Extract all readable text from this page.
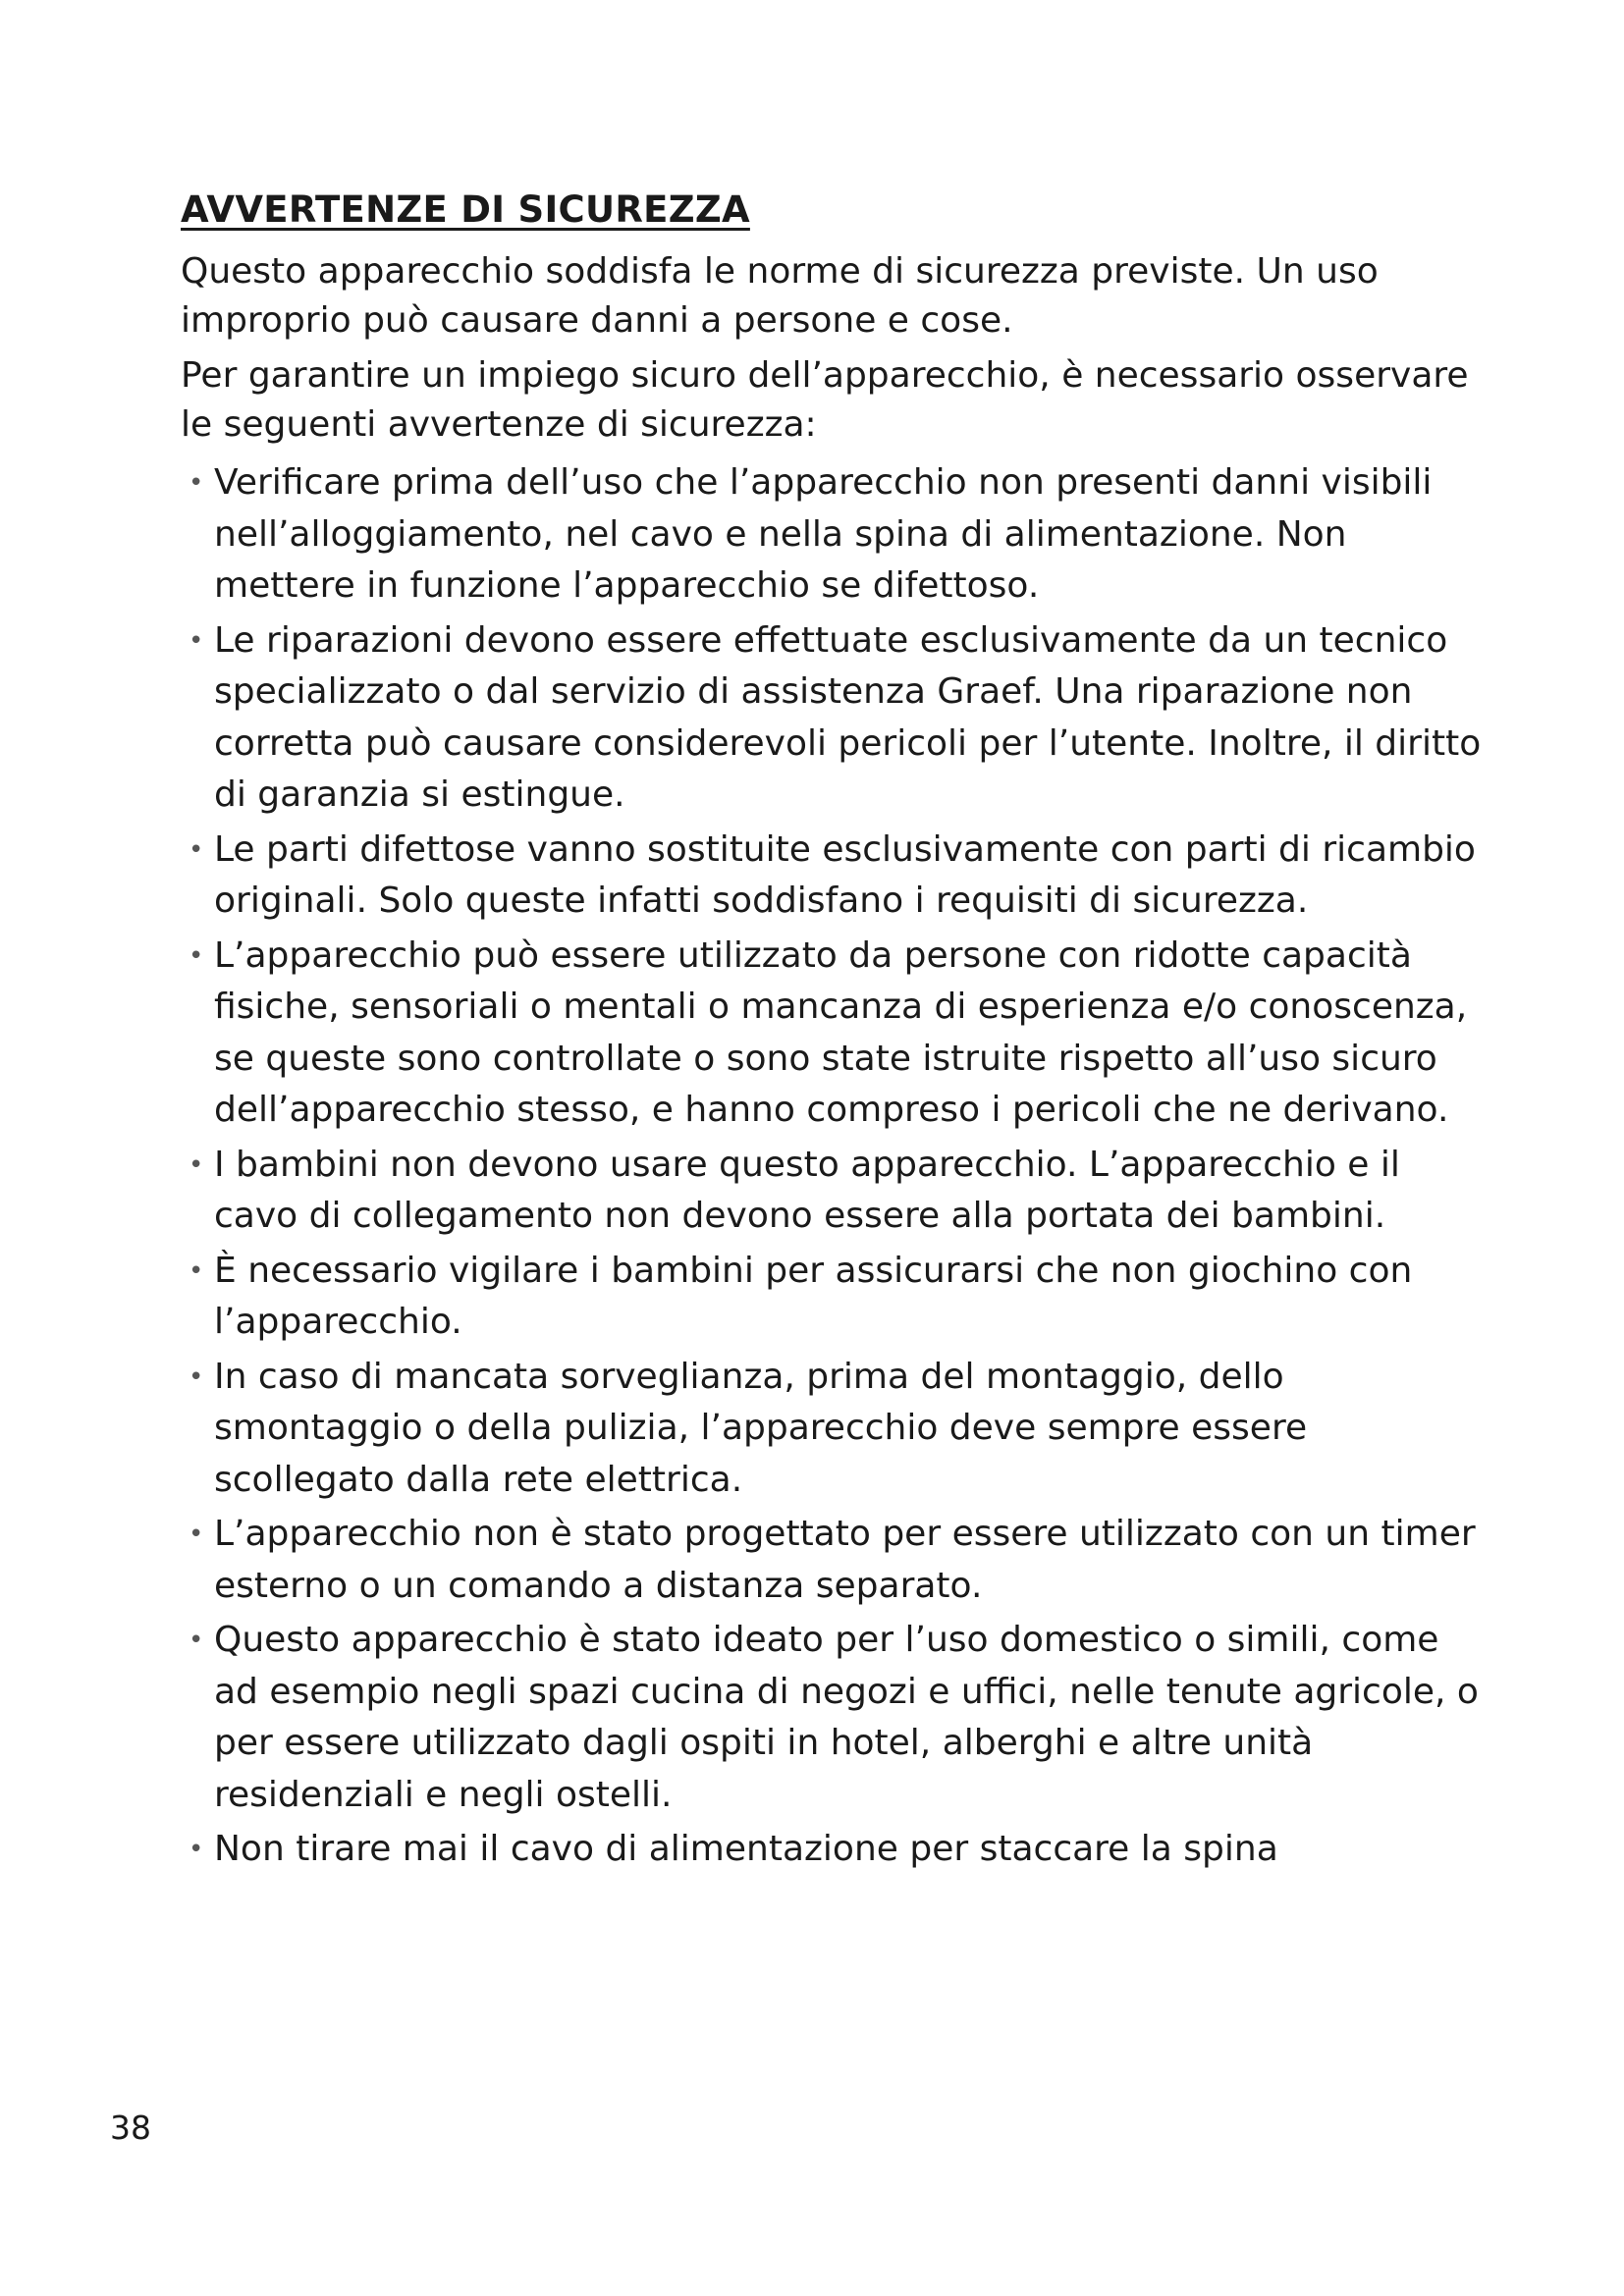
AVVERTENZE DI SICUREZZA

Questo apparecchio soddisfa le norme di sicurezza previste. Un uso improprio può causare danni a persone e cose.

Per garantire un impiego sicuro dell’apparecchio, è necessario osservare le seguenti avvertenze di sicurezza:

• Verificare prima dell’uso che l’apparecchio non presenti danni visibili nell’alloggiamento, nel cavo e nella spina di alimentazione. Non mettere in funzione l’apparecchio se difettoso.
• Le riparazioni devono essere effettuate esclusivamente da un tecnico specializzato o dal servizio di assistenza Graef. Una riparazione non corretta può causare considerevoli pericoli per l’utente. Inoltre, il diritto di garanzia si estingue.
• Le parti difettose vanno sostituite esclusivamente con parti di ricambio originali. Solo queste infatti soddisfano i requisiti di sicurezza.
• L’apparecchio può essere utilizzato da persone con ridotte capacità fisiche, sensoriali o mentali o mancanza di esperienza e/o conoscenza, se queste sono controllate o sono state istruite rispetto all’uso sicuro dell’apparecchio stesso, e hanno compreso i pericoli che ne derivano.
• I bambini non devono usare questo apparecchio. L’apparecchio e il cavo di collegamento non devono essere alla portata dei bambini.
• È necessario vigilare i bambini per assicurarsi che non giochino con l’apparecchio.
• In caso di mancata sorveglianza, prima del montaggio, dello smontaggio o della pulizia, l’apparecchio deve sempre essere scollegato dalla rete elettrica.
• L’apparecchio non è stato progettato per essere utilizzato con un timer esterno o un comando a distanza separato.
• Questo apparecchio è stato ideato per l’uso domestico o simili, come ad esempio negli spazi cucina di negozi e uffici, nelle tenute agricole, o per essere utilizzato dagli ospiti in hotel, alberghi e altre unità residenziali e negli ostelli.
• Non tirare mai il cavo di alimentazione per staccare la spina
38
